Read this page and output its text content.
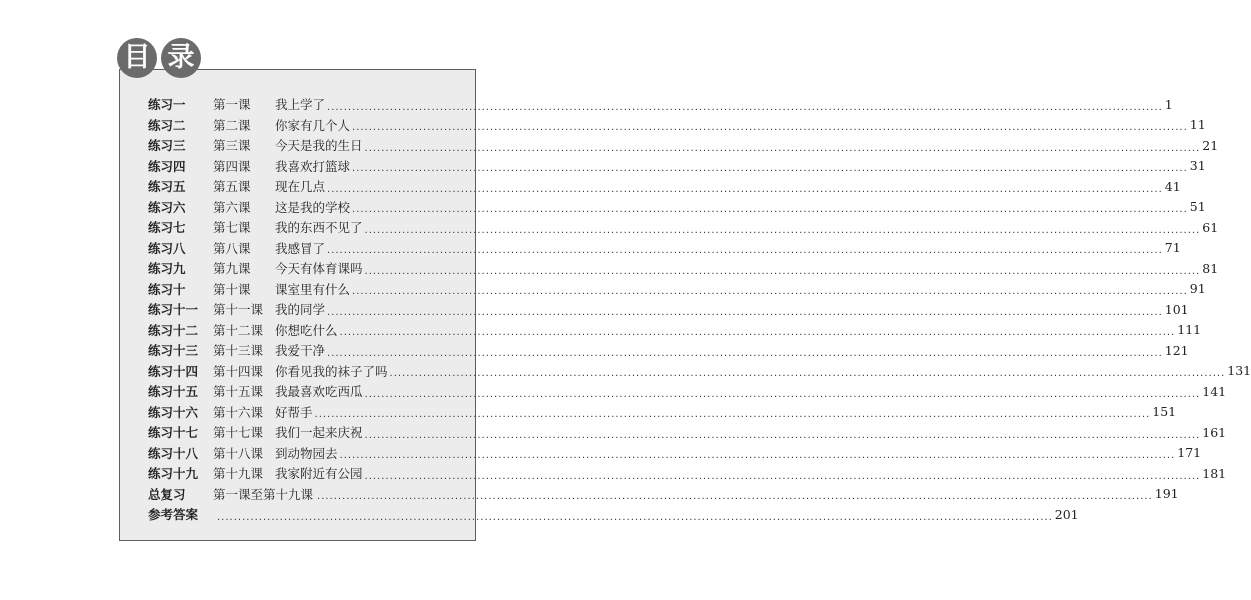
目 录
练习一	第一课	我上学了 ........................................................................................................................................................................................................ 1
练习二	第二课	你家有几个人 ........................................................................................................................................................................................................ 11
练习三	第三课	今天是我的生日 ........................................................................................................................................................................................................ 21
练习四	第四课	我喜欢打篮球 ........................................................................................................................................................................................................ 31
练习五	第五课	现在几点 ........................................................................................................................................................................................................ 41
练习六	第六课	这是我的学校 ........................................................................................................................................................................................................ 51
练习七	第七课	我的东西不见了 ........................................................................................................................................................................................................ 61
练习八	第八课	我感冒了 ........................................................................................................................................................................................................ 71
练习九	第九课	今天有体育课吗 ........................................................................................................................................................................................................ 81
练习十	第十课	课室里有什么 ........................................................................................................................................................................................................ 91
练习十一	第十一课 我的同学 ........................................................................................................................................................................................................ 101
练习十二	第十二课 你想吃什么 ........................................................................................................................................................................................................ 111
练习十三	第十三课 我爱干净 ........................................................................................................................................................................................................ 121
练习十四	第十四课 你看见我的袜子了吗 ........................................................................................................................................................................................................ 131
练习十五	第十五课 我最喜欢吃西瓜 ........................................................................................................................................................................................................ 141
练习十六	第十六课 好帮手 ........................................................................................................................................................................................................ 151
练习十七	第十七课 我们一起来庆祝 ........................................................................................................................................................................................................ 161
练习十八	第十八课 到动物园去 ........................................................................................................................................................................................................ 171
练习十九	第十九课 我家附近有公园 ........................................................................................................................................................................................................ 181
总复习	第一课至第十九课 ........................................................................................................................................................................................................ 191
参考答案	........................................................................................................................................................................................................ 201
